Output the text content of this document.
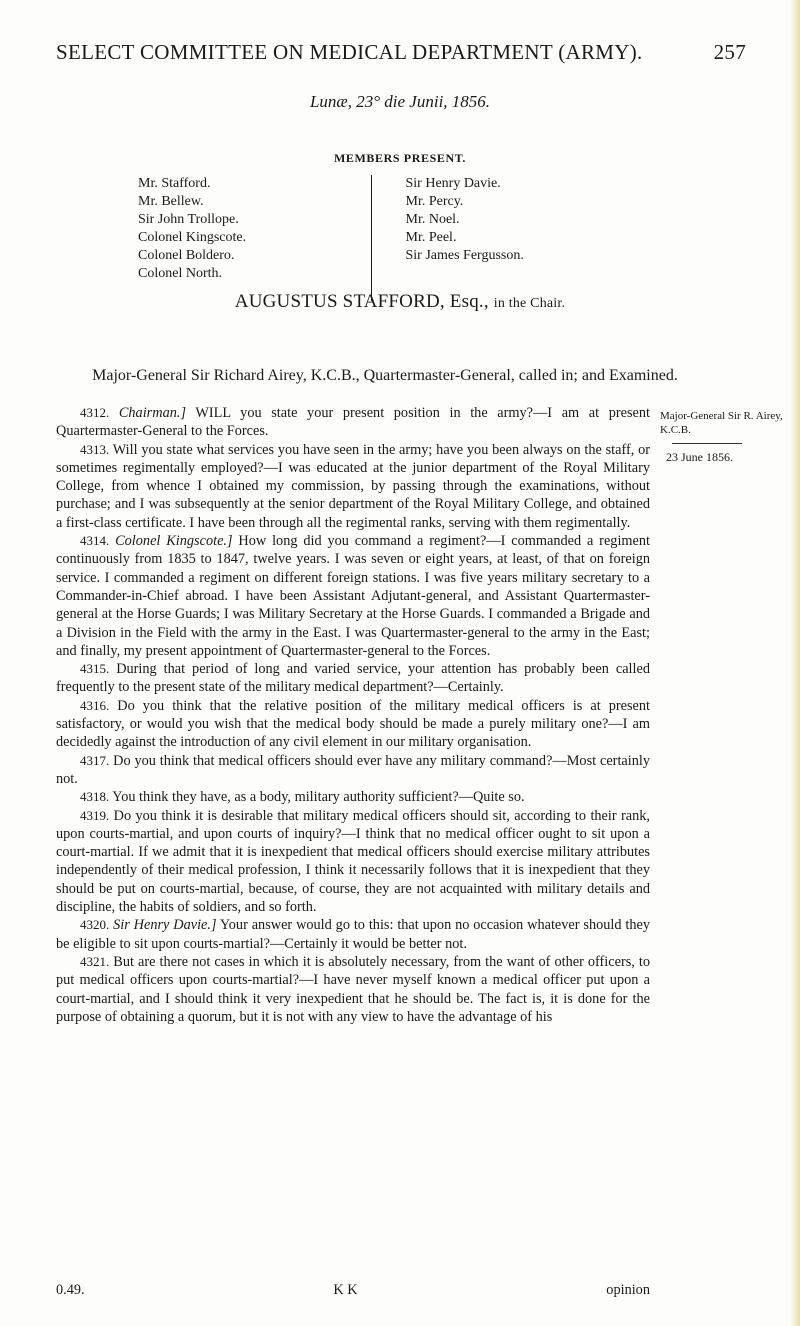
SELECT COMMITTEE ON MEDICAL DEPARTMENT (ARMY).	257
Lunæ, 23° die Junii, 1856.
MEMBERS PRESENT.
Mr. Stafford.
Mr. Bellew.
Sir John Trollope.
Colonel Kingscote.
Colonel Boldero.
Colonel North.
Sir Henry Davie.
Mr. Percy.
Mr. Noel.
Mr. Peel.
Sir James Fergusson.
AUGUSTUS STAFFORD, Esq., in the Chair.
Major-General Sir Richard Airey, K.C.B., Quartermaster-General, called in; and Examined.
Major-General Sir R. Airey, K.C.B.
23 June 1856.

4312. Chairman.] WILL you state your present position in the army?—I am at present Quartermaster-General to the Forces.

4313. Will you state what services you have seen in the army; have you been always on the staff, or sometimes regimentally employed?—I was educated at the junior department of the Royal Military College, from whence I obtained my commission, by passing through the examinations, without purchase; and I was subsequently at the senior department of the Royal Military College, and obtained a first-class certificate. I have been through all the regimental ranks, serving with them regimentally.

4314. Colonel Kingscote.] How long did you command a regiment?—I commanded a regiment continuously from 1835 to 1847, twelve years. I was seven or eight years, at least, of that on foreign service. I commanded a regiment on different foreign stations. I was five years military secretary to a Commander-in-Chief abroad. I have been Assistant Adjutant-general, and Assistant Quartermaster-general at the Horse Guards; I was Military Secretary at the Horse Guards. I commanded a Brigade and a Division in the Field with the army in the East. I was Quartermaster-general to the army in the East; and finally, my present appointment of Quartermaster-general to the Forces.

4315. During that period of long and varied service, your attention has probably been called frequently to the present state of the military medical department?—Certainly.

4316. Do you think that the relative position of the military medical officers is at present satisfactory, or would you wish that the medical body should be made a purely military one?—I am decidedly against the introduction of any civil element in our military organisation.

4317. Do you think that medical officers should ever have any military command?—Most certainly not.

4318. You think they have, as a body, military authority sufficient?—Quite so.

4319. Do you think it is desirable that military medical officers should sit, according to their rank, upon courts-martial, and upon courts of inquiry?—I think that no medical officer ought to sit upon a court-martial. If we admit that it is inexpedient that medical officers should exercise military attributes independently of their medical profession, I think it necessarily follows that it is inexpedient that they should be put on courts-martial, because, of course, they are not acquainted with military details and discipline, the habits of soldiers, and so forth.

4320. Sir Henry Davie.] Your answer would go to this: that upon no occasion whatever should they be eligible to sit upon courts-martial?—Certainly it would be better not.

4321. But are there not cases in which it is absolutely necessary, from the want of other officers, to put medical officers upon courts-martial?—I have never myself known a medical officer put upon a court-martial, and I should think it very inexpedient that he should be. The fact is, it is done for the purpose of obtaining a quorum, but it is not with any view to have the advantage of his

0.49.	K K	opinion
